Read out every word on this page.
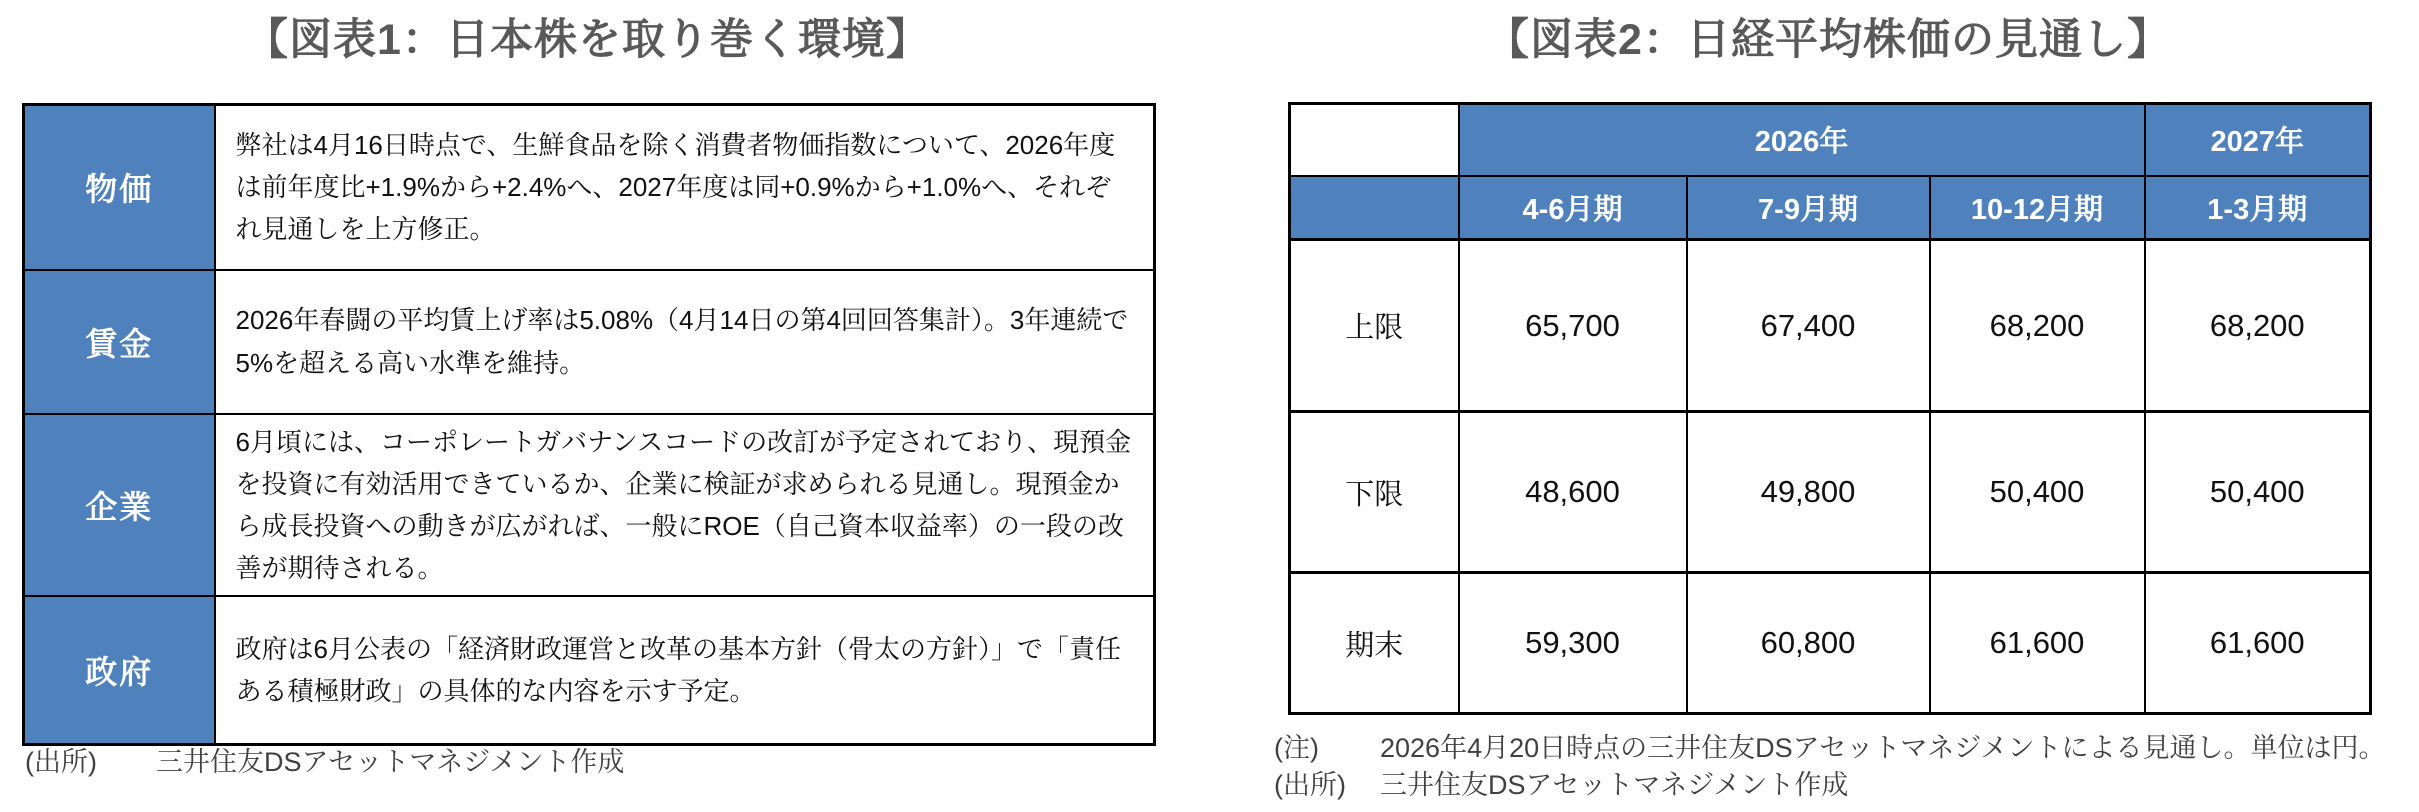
【図表1：日本株を取り巻く環境】
物価	弊社は4月16日時点で、生鮮食品を除く消費者物価指数について、2026年度は前年度比+1.9%から+2.4%へ、2027年度は同+0.9%から+1.0%へ、それぞれ見通しを上方修正。
賃金	2026年春闘の平均賃上げ率は5.08%（4月14日の第4回回答集計）。3年連続で5%を超える高い水準を維持。
企業	6月頃には、コーポレートガバナンスコードの改訂が予定されており、現預金を投資に有効活用できているか、企業に検証が求められる見通し。現預金から成長投資への動きが広がれば、一般にROE（自己資本収益率）の一段の改善が期待される。
政府	政府は6月公表の「経済財政運営と改革の基本方針（骨太の方針）」で「責任ある積極財政」の具体的な内容を示す予定。
(出所)	三井住友DSアセットマネジメント作成
【図表2：日経平均株価の見通し】
	2026年			2027年
	4-6月期	7-9月期	10-12月期	1-3月期
上限	65,700	67,400	68,200	68,200
下限	48,600	49,800	50,400	50,400
期末	59,300	60,800	61,600	61,600
(注)	2026年4月20日時点の三井住友DSアセットマネジメントによる見通し。単位は円。
(出所)	三井住友DSアセットマネジメント作成
